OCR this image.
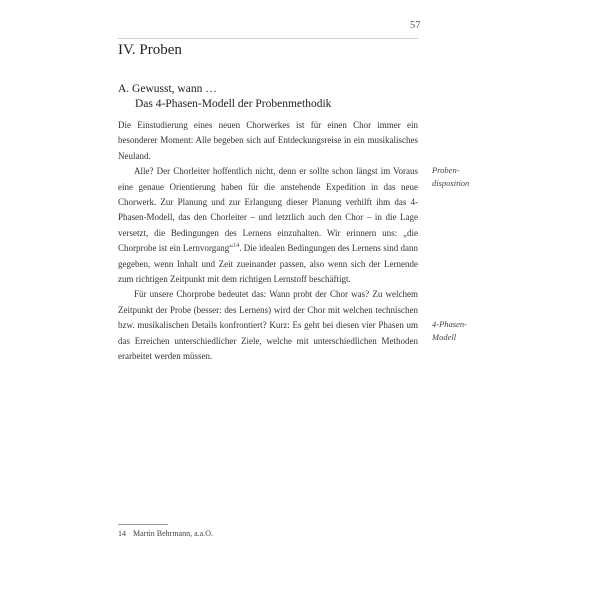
57
IV. Proben
A. Gewusst, wann …
Das 4-Phasen-Modell der Probenmethodik

Die Einstudierung eines neuen Chorwerkes ist für einen Chor immer ein besonderer Moment: Alle begeben sich auf Entdeckungsreise in ein musikalisches Neuland.

Alle? Der Chorleiter hoffentlich nicht, denn er sollte schon längst im Voraus eine genaue Orientierung haben für die anstehende Expedition in das neue Chorwerk. Zur Planung und zur Erlangung dieser Planung verhilft ihm das 4-Phasen-Modell, das den Chorleiter – und letztlich auch den Chor – in die Lage versetzt, die Bedingungen des Lernens einzuhalten. Wir erinnern uns: „die Chorprobe ist ein Lernvorgang“$^{14}$. Die idealen Bedingungen des Lernens sind dann gegeben, wenn Inhalt und Zeit zueinander passen, also wenn sich der Lernende zum richtigen Zeitpunkt mit dem richtigen Lernstoff beschäftigt.

Für unsere Chorprobe bedeutet das: Wann probt der Chor was? Zu welchem Zeitpunkt der Probe (besser: des Lernens) wird der Chor mit welchen technischen bzw. musikalischen Details konfrontiert? Kurz: Es geht bei diesen vier Phasen um das Erreichen unterschiedlicher Ziele, welche mit unterschiedlichen Methoden erarbeitet werden müssen.

Proben-
disposition
4-Phasen-
Modell
14 Martin Behrmann, a.a.O.
